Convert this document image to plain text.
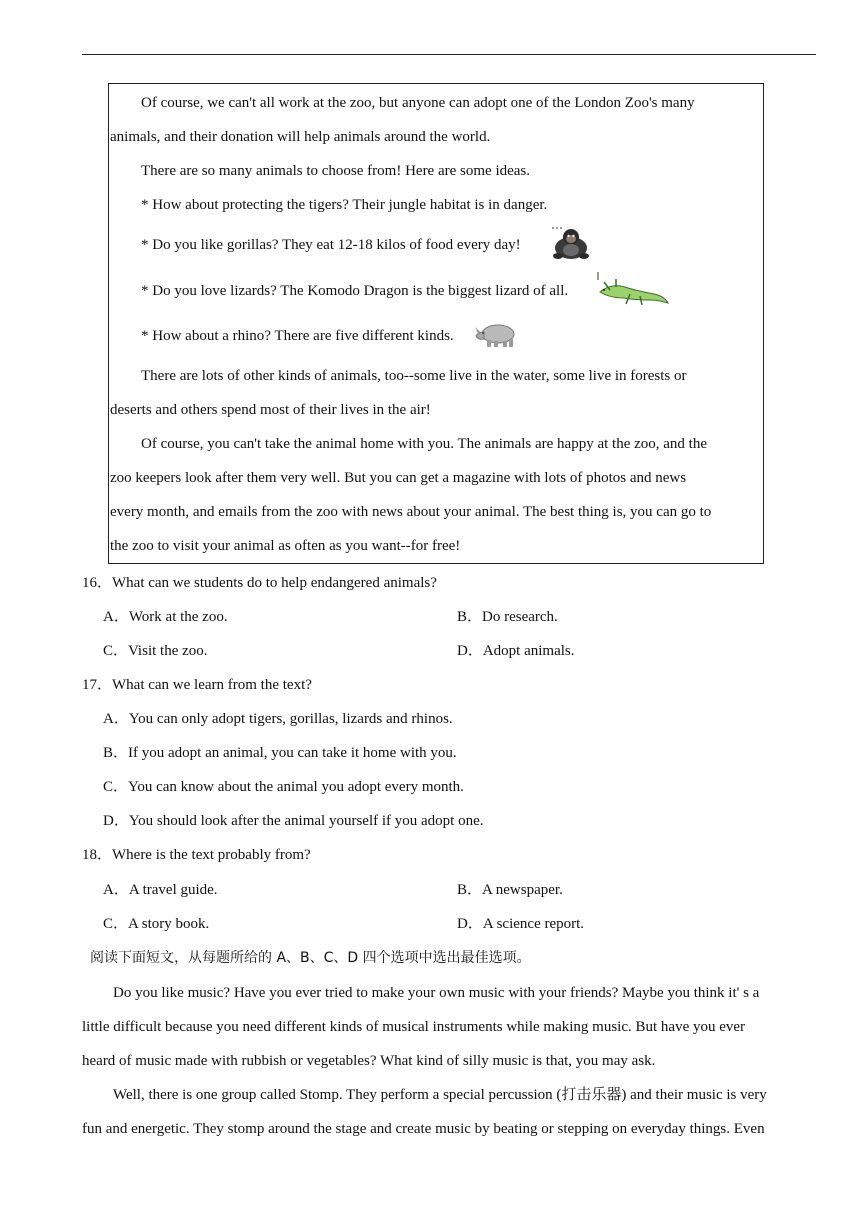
Of course, we can't all work at the zoo, but anyone can adopt one of the London Zoo's many
animals, and their donation will help animals around the world.
There are so many animals to choose from! Here are some ideas.
* How about protecting the tigers? Their jungle habitat is in danger.
* Do you like gorillas? They eat 12-18 kilos of food every day!
* Do you love lizards? The Komodo Dragon is the biggest lizard of all.
* How about a rhino? There are five different kinds.
There are lots of other kinds of animals, too--some live in the water, some live in forests or
deserts and others spend most of their lives in the air!
Of course, you can't take the animal home with you. The animals are happy at the zoo, and the
zoo keepers look after them very well. But you can get a magazine with lots of photos and news
every month, and emails from the zoo with news about your animal. The best thing is, you can go to
the zoo to visit your animal as often as you want--for free!
16．What can we students do to help endangered animals?
A．Work at the zoo.	B．Do research.
C．Visit the zoo.	D．Adopt animals.
17．What can we learn from the text?
A．You can only adopt tigers, gorillas, lizards and rhinos.
B．If you adopt an animal, you can take it home with you.
C．You can know about the animal you adopt every month.
D．You should look after the animal yourself if you adopt one.
18．Where is the text probably from?
A．A travel guide.	B．A newspaper.
C．A story book.	D．A science report.
阅读下面短文，从每题所给的 A、B、C、D 四个选项中选出最佳选项。
Do you like music? Have you ever tried to make your own music with your friends? Maybe you think it' s a
little difficult because you need different kinds of musical instruments while making music. But have you ever
heard of music made with rubbish or vegetables? What kind of silly music is that, you may ask.
Well, there is one group called Stomp. They perform a special percussion (打击乐器) and their music is very
fun and energetic. They stomp around the stage and create music by beating or stepping on everyday things. Even
